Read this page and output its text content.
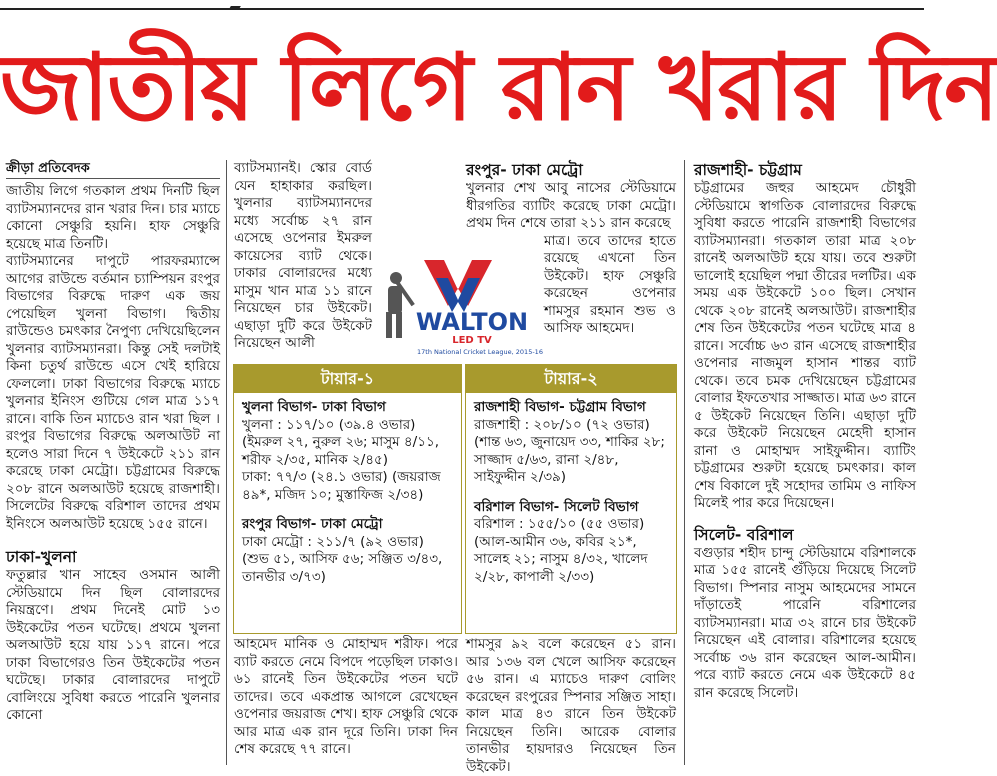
জাতীয় লিগে রান খরার দিন

ক্রীড়া প্রতিবেদক

জাতীয় লিগে গতকাল প্রথম দিনটি ছিল ব্যাটসম্যানদের রান খরার দিন। চার ম্যাচে কোনো সেঞ্চুরি হয়নি। হাফ সেঞ্চুরি হয়েছে মাত্র তিনটি।

ব্যাটসম্যানের দাপুটে পারফরম্যান্সে আগের রাউন্ডে বর্তমান চ্যাম্পিয়ন রংপুর বিভাগের বিরুদ্ধে দারুণ এক জয় পেয়েছিল খুলনা বিভাগ। দ্বিতীয় রাউন্ডেও চমৎকার নৈপুণ্য দেখিয়েছিলেন খুলনার ব্যাটসম্যানরা। কিন্তু সেই দলটাই কিনা চতুর্থ রাউন্ডে এসে খেই হারিয়ে ফেললো। ঢাকা বিভাগের বিরুদ্ধে ম্যাচে খুলনার ইনিংস গুটিয়ে গেল মাত্র ১১৭ রানে। বাকি তিন ম্যাচেও রান খরা ছিল । রংপুর বিভাগের বিরুদ্ধে অলআউট না হলেও সারা দিনে ৭ উইকেটে ২১১ রান করেছে ঢাকা মেট্রো। চট্টগ্রামের বিরুদ্ধে ২০৮ রানে অলআউট হয়েছে রাজশাহী। সিলেটের বিরুদ্ধে বরিশাল তাদের প্রথম ইনিংসে অলআউট হয়েছে ১৫৫ রানে।

ঢাকা-খুলনা

ফতুল্লার খান সাহেব ওসমান আলী স্টেডিয়ামে দিন ছিল বোলারদের নিয়ন্ত্রণে। প্রথম দিনেই মোট ১৩ উইকেটের পতন ঘটেছে। প্রথমে খুলনা অলআউট হয়ে যায় ১১৭ রানে। পরে ঢাকা বিভাগেরও তিন উইকেটের পতন ঘটেছে। ঢাকার বোলারদের দাপুটে বোলিংয়ে সুবিধা করতে পারেনি খুলনার কোনো

ব্যাটসম্যানই। স্কোর বোর্ড যেন হাহাকার করছিল। খুলনার ব্যাটসম্যানদের মধ্যে সর্বোচ্চ ২৭ রান এসেছে ওপেনার ইমরুল কায়েসের ব্যাট থেকে। ঢাকার বোলারদের মধ্যে মাসুম খান মাত্র ১১ রানে নিয়েছেন চার উইকেট। এছাড়া দুটি করে উইকেট নিয়েছেন আলী

রংপুর- ঢাকা মেট্রো

খুলনার শেখ আবু নাসের স্টেডিয়ামে ধীরগতির ব্যাটিং করেছে ঢাকা মেট্রো। প্রথম দিন শেষে তারা ২১১ রান করেছে

মাত্র। তবে তাদের হাতে রয়েছে এখনো তিন উইকেট। হাফ সেঞ্চুরি করেছেন ওপেনার শামসুর রহমান শুভ ও আসিফ আহমেদ।

WALTON
LED TV
17th National Cricket League, 2015-16
টায়ার-১

খুলনা বিভাগ- ঢাকা বিভাগ

খুলনা : ১১৭/১০ (৩৯.৪ ওভার) (ইমরুল ২৭, নুরুল ২৬; মাসুম ৪/১১, শরীফ ২/৩৫, মানিক ২/৪৫)

ঢাকা: ৭৭/৩ (২৪.১ ওভার) (জয়রাজ ৪৯*, মজিদ ১০; মুস্তাফিজ ২/৩৪)

রংপুর বিভাগ- ঢাকা মেট্রো

ঢাকা মেট্রো : ২১১/৭ (৯২ ওভার) (শুভ ৫১, আসিফ ৫৬; সঞ্জিত ৩/৪৩, তানভীর ৩/৭৩)

টায়ার-২

রাজশাহী বিভাগ- চট্টগ্রাম বিভাগ

রাজশাহী : ২০৮/১০ (৭২ ওভার) (শান্ত ৬৩, জুনায়েদ ৩৩, শাকির ২৮; সাজ্জাদ ৫/৬৩, রানা ২/৪৮, সাইফুদ্দীন ২/৩৯)

বরিশাল বিভাগ- সিলেট বিভাগ

বরিশাল : ১৫৫/১০ (৫৫ ওভার) (আল-আমীন ৩৬, কবির ২১*, সালেহ ২১; নাসুম ৪/৩২, খালেদ ২/২৮, কাপালী ২/৩৩)

আহমেদ মানিক ও মোহাম্মদ শরীফ। পরে ব্যাট করতে নেমে বিপদে পড়েছিল ঢাকাও। ৬১ রানেই তিন উইকেটের পতন ঘটে তাদের। তবে একপ্রান্ত আগলে রেখেছেন ওপেনার জয়রাজ শেখ। হাফ সেঞ্চুরি থেকে আর মাত্র এক রান দূরে তিনি। ঢাকা দিন শেষ করেছে ৭৭ রানে।

শামসুর ৯২ বলে করেছেন ৫১ রান। আর ১৩৬ বল খেলে আসিফ করেছেন ৫৬ রান। এ ম্যাচেও দারুণ বোলিং করেছেন রংপুরের স্পিনার সঞ্জিত সাহা। কাল মাত্র ৪৩ রানে তিন উইকেট নিয়েছেন তিনি। আরেক বোলার তানভীর হায়দারও নিয়েছেন তিন উইকেট।

রাজশাহী- চট্টগ্রাম

চট্টগ্রামের জহুর আহমেদ চৌধুরী স্টেডিয়ামে স্বাগতিক বোলারদের বিরুদ্ধে সুবিধা করতে পারেনি রাজশাহী বিভাগের ব্যাটসম্যানরা। গতকাল তারা মাত্র ২০৮ রানেই অলআউট হয়ে যায়। তবে শুরুটা ভালোই হয়েছিল পদ্মা তীরের দলটির। এক সময় এক উইকেটে ১০০ ছিল। সেখান থেকে ২০৮ রানেই অলআউট। রাজশাহীর শেষ তিন উইকেটের পতন ঘটেছে মাত্র ৪ রানে। সর্বোচ্চ ৬৩ রান এসেছে রাজশাহীর ওপেনার নাজমুল হাসান শান্তর ব্যাট থেকে। তবে চমক দেখিয়েছেন চট্টগ্রামের বোলার ইফতেখার সাজ্জাত। মাত্র ৬৩ রানে ৫ উইকেট নিয়েছেন তিনি। এছাড়া দুটি করে উইকেট নিয়েছেন মেহেদী হাসান রানা ও মোহাম্মদ সাইফুদ্দীন। ব্যাটিং চট্টগ্রামের শুরুটা হয়েছে চমৎকার। কাল শেষ বিকালে দুই সহোদর তামিম ও নাফিস মিলেই পার করে দিয়েছেন।

সিলেট- বরিশাল

বগুড়ার শহীদ চান্দু স্টেডিয়ামে বরিশালকে মাত্র ১৫৫ রানেই গুঁড়িয়ে দিয়েছে সিলেট বিভাগ। স্পিনার নাসুম আহমেদের সামনে দাঁড়াতেই পারেনি বরিশালের ব্যাটসম্যানরা। মাত্র ৩২ রানে চার উইকেট নিয়েছেন এই বোলার। বরিশালের হয়েছে সর্বোচ্চ ৩৬ রান করেছেন আল-আমীন। পরে ব্যাট করতে নেমে এক উইকেটে ৪৫ রান করেছে সিলেট।
